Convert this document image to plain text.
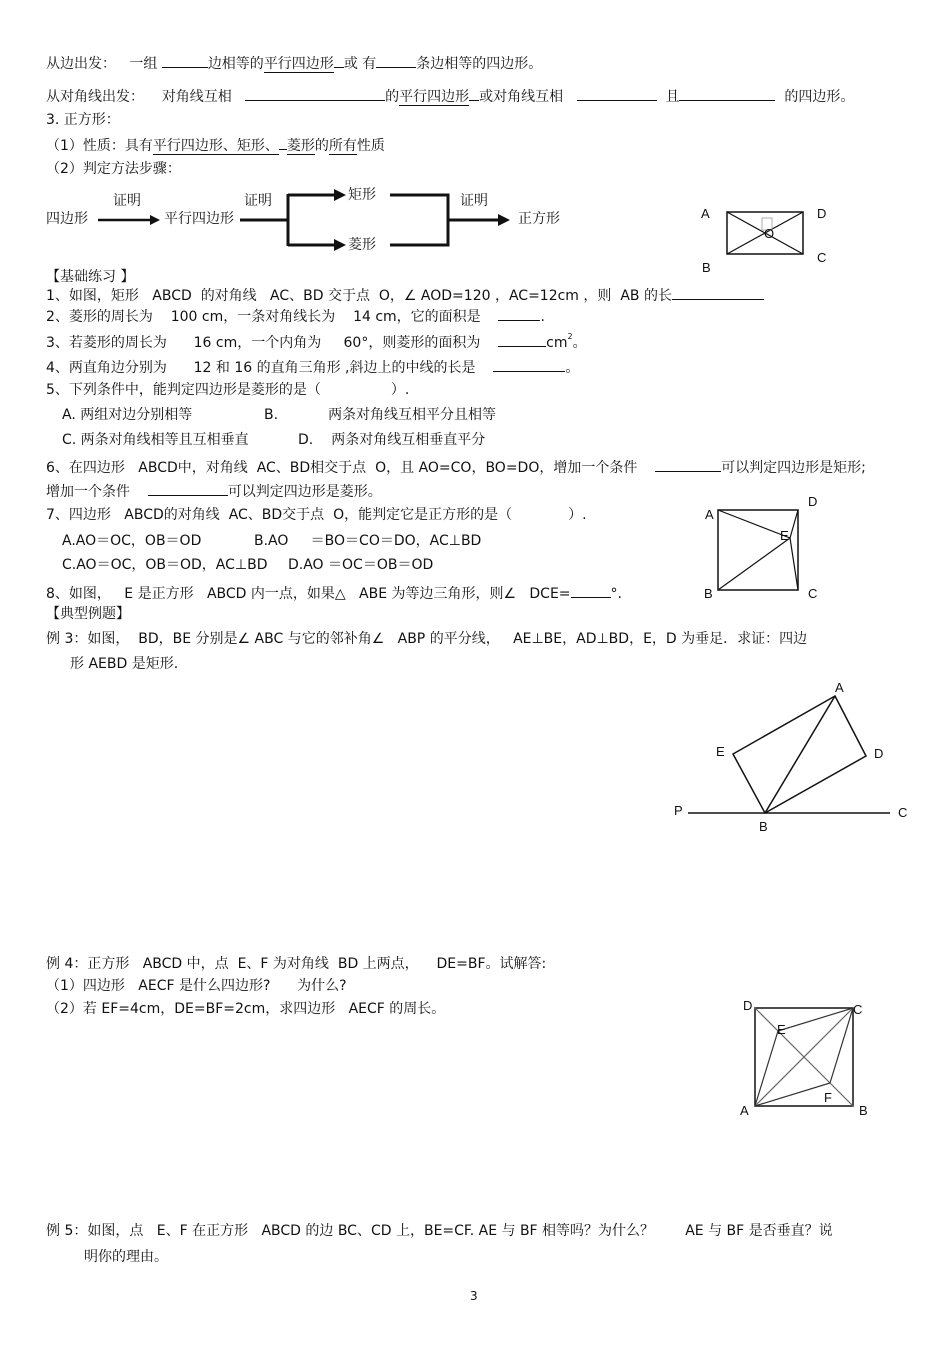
从边出发： 一组	边相等的平行四边形 或 有	条边相等的四边形。
从对角线出发： 对角线互相	的平行四边形 或对角线互相	且	的四边形。
3. 正方形：
（1）性质：具有平行四边形、矩形、 菱形的所有性质
（2）判定方法步骤：
四边形
证明
平行四边形
证明	矩形
菱形
证明
正方形	A
B
C
D
O
【基础练习 】
1、如图，矩形 ABCD 的对角线 AC、BD 交于点 O，∠ AOD=120 ，AC=12cm ，则 AB 的长
2、菱形的周长为 100 cm，一条对角线长为 14 cm，它的面积是	.
3、若菱形的周长为 16 cm，一个内角为 60°，则菱形的面积为	$cm^2$。
4、两直角边分别为 12 和 16 的直角三角形 ,斜边上的中线的长是	。
5、下列条件中，能判定四边形是菱形的是（	）.
A. 两组对边分别相等	B.	两条对角线互相平分且相等
C. 两条对角线相等且互相垂直	D. 两条对角线互相垂直平分
6、在四边形 ABCD中，对角线 AC、BD相交于点 O，且 AO=CO，BO=DO，增加一个条件	可以判定四边形是矩形;
增加一个条件	可以判定四边形是菱形。
A
B	C
D
E
7、四边形 ABCD的对角线 AC、BD交于点 O，能判定它是正方形的是（	）.
A.AO＝OC，OB＝OD	B.AO ＝BO＝CO＝DO，AC⊥BD
C.AO＝OC，OB＝OD，AC⊥BD D.AO ＝OC＝OB＝OD
8、如图， E 是正方形 ABCD 内一点，如果△ ABE 为等边三角形，则∠ DCE=	°.
【典型例题】
例 3：如图， BD，BE 分别是∠ ABC 与它的邻补角∠ ABP 的平分线， AE⊥BE，AD⊥BD，E，D 为垂足．求证：四边
形 AEBD 是矩形.
A
B
C
D
E
P
例 4：正方形 ABCD 中，点 E、F 为对角线 BD 上两点， DE=BF。试解答:
（1）四边形 AECF 是什么四边形? 为什么?
（2）若 EF=4cm，DE=BF=2cm，求四边形 AECF 的周长。	D	C
A	B
E
F
例 5：如图，点 E、F 在正方形 ABCD 的边 BC、CD 上，BE=CF. AE 与 BF 相等吗？为什么？ AE 与 BF 是否垂直？说
明你的理由。
3
